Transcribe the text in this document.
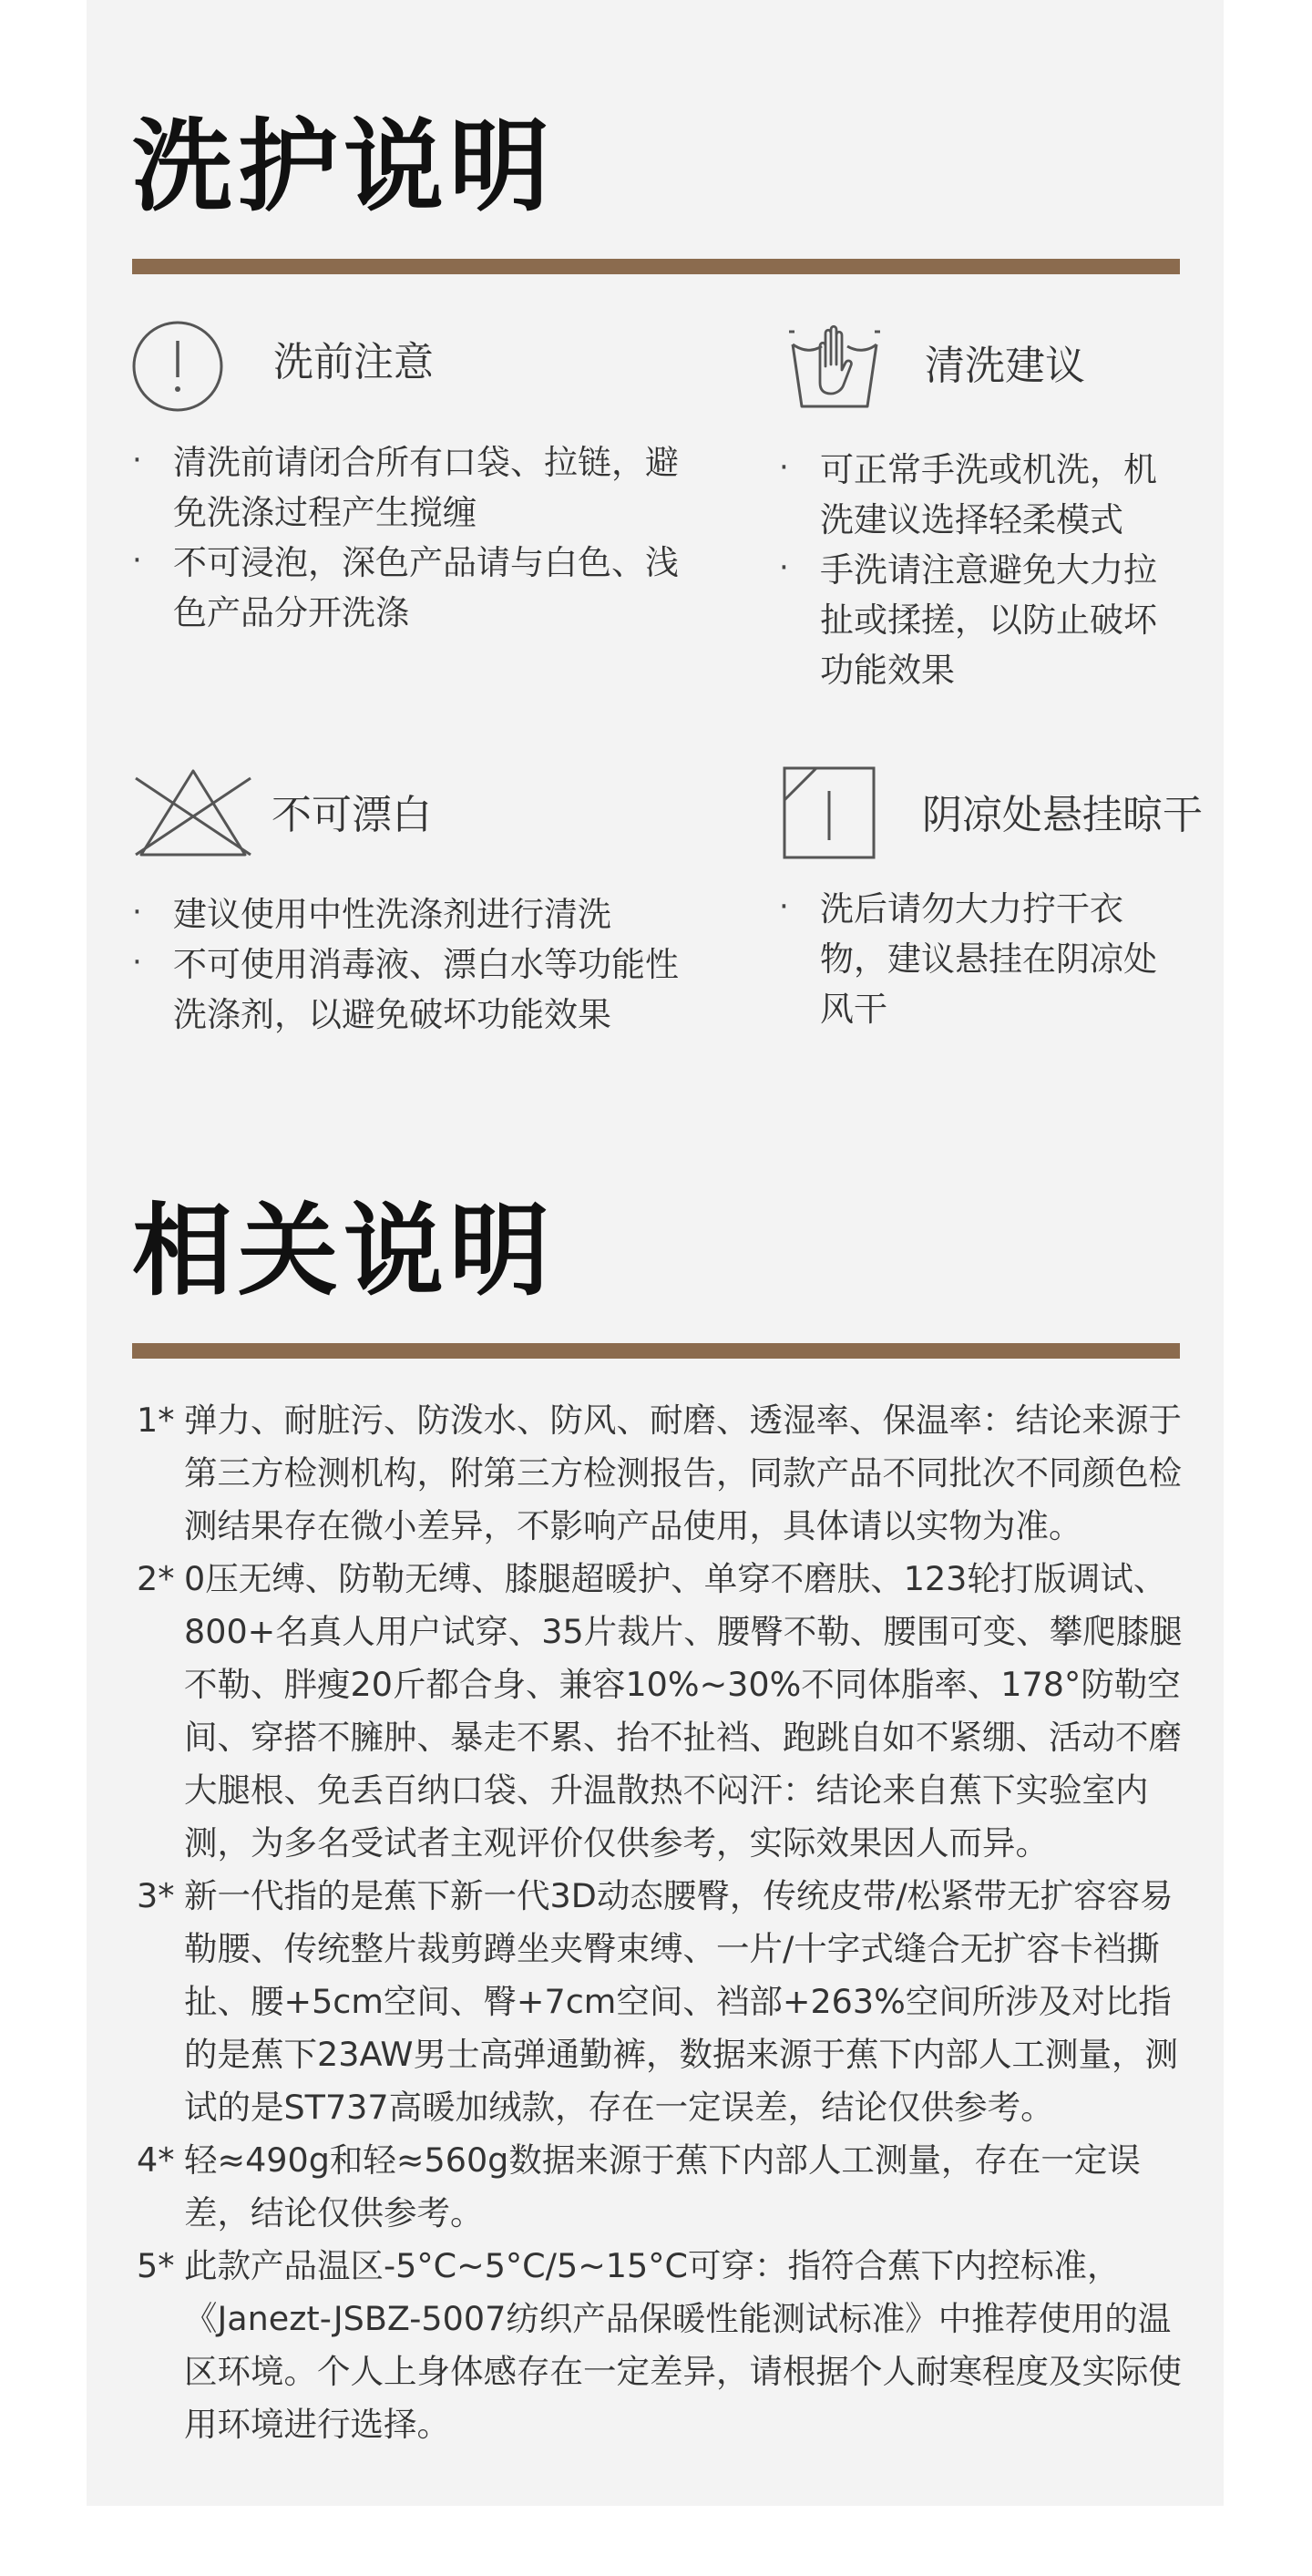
洗护说明
洗前注意
· 清洗前请闭合所有口袋、拉链，避免洗涤过程产生搅缠
· 不可浸泡，深色产品请与白色、浅色产品分开洗涤
清洗建议
· 可正常手洗或机洗，机洗建议选择轻柔模式
· 手洗请注意避免大力拉扯或揉搓，以防止破坏功能效果
不可漂白
· 建议使用中性洗涤剂进行清洗
· 不可使用消毒液、漂白水等功能性洗涤剂，以避免破坏功能效果
阴凉处悬挂晾干
· 洗后请勿大力拧干衣物，建议悬挂在阴凉处风干
相关说明
1* 弹力、耐脏污、防泼水、防风、耐磨、透湿率、保温率：结论来源于第三方检测机构，附第三方检测报告，同款产品不同批次不同颜色检测结果存在微小差异，不影响产品使用，具体请以实物为准。
2* 0压无缚、防勒无缚、膝腿超暖护、单穿不磨肤、123轮打版调试、800+名真人用户试穿、35片裁片、腰臀不勒、腰围可变、攀爬膝腿不勒、胖瘦20斤都合身、兼容10%~30%不同体脂率、178°防勒空间、穿搭不臃肿、暴走不累、抬不扯裆、跑跳自如不紧绷、活动不磨大腿根、免丢百纳口袋、升温散热不闷汗：结论来自蕉下实验室内测，为多名受试者主观评价仅供参考，实际效果因人而异。
3* 新一代指的是蕉下新一代3D动态腰臀，传统皮带/松紧带无扩容容易勒腰、传统整片裁剪蹲坐夹臀束缚、一片/十字式缝合无扩容卡裆撕扯、腰+5cm空间、臀+7cm空间、裆部+263%空间所涉及对比指的是蕉下23AW男士高弹通勤裤，数据来源于蕉下内部人工测量，测试的是ST737高暖加绒款，存在一定误差，结论仅供参考。
4* 轻≈490g和轻≈560g数据来源于蕉下内部人工测量，存在一定误差，结论仅供参考。
5* 此款产品温区-5°C~5°C/5~15°C可穿：指符合蕉下内控标准，《Janezt-JSBZ-5007纺织产品保暖性能测试标准》中推荐使用的温区环境。个人上身体感存在一定差异，请根据个人耐寒程度及实际使用环境进行选择。
